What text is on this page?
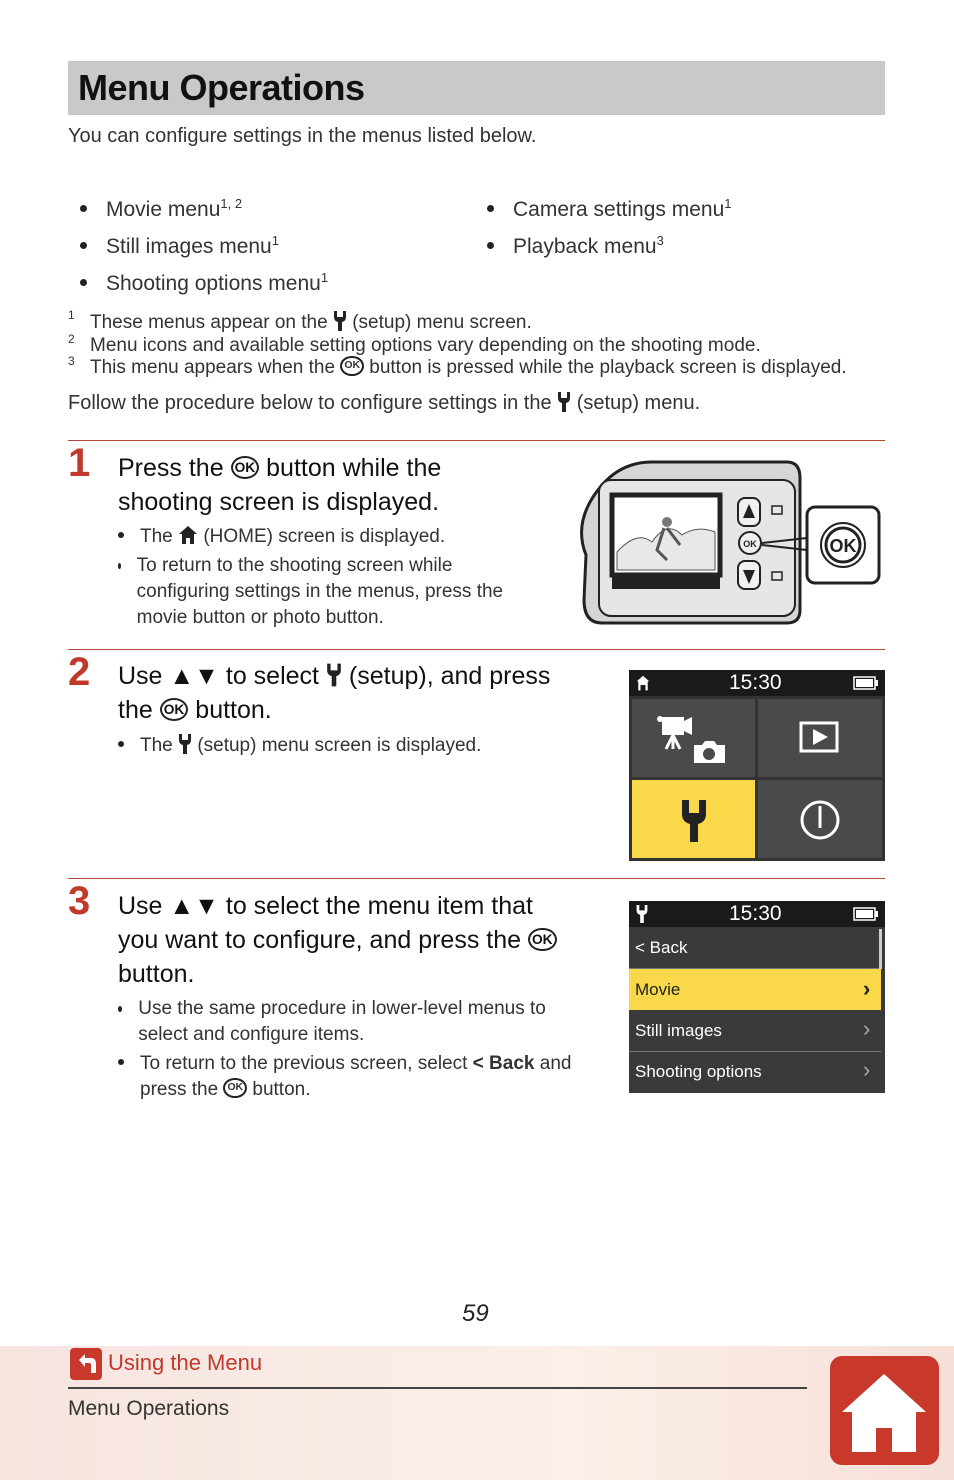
Menu Operations
You can configure settings in the menus listed below.
Movie menu$^{1, 2}$
Still images menu$^1$
Shooting options menu$^1$
Camera settings menu$^1$
Playback menu$^3$
1 These menus appear on the (setup) menu screen.
2 Menu icons and available setting options vary depending on the shooting mode.
3 This menu appears when the OK button is pressed while the playback screen is displayed.
Follow the procedure below to configure settings in the (setup) menu.
1 Press the OK button while the
shooting screen is displayed.
The (HOME) screen is displayed.
To return to the shooting screen while configuring settings in the menus, press the movie button or photo button.
Nikon
OK	OK
2 Use ▲▼ to select (setup), and press
the OK button.
The (setup) menu screen is displayed.
15:30
3 Use ▲▼ to select the menu item that
you want to configure, and press the OK
button.
Use the same procedure in lower-level menus to select and configure items.
To return to the previous screen, select < Back and
press the OK button.
15:30
< Back
Movie	›
Still images	›
Shooting options	›
59
Using the Menu
Menu Operations
